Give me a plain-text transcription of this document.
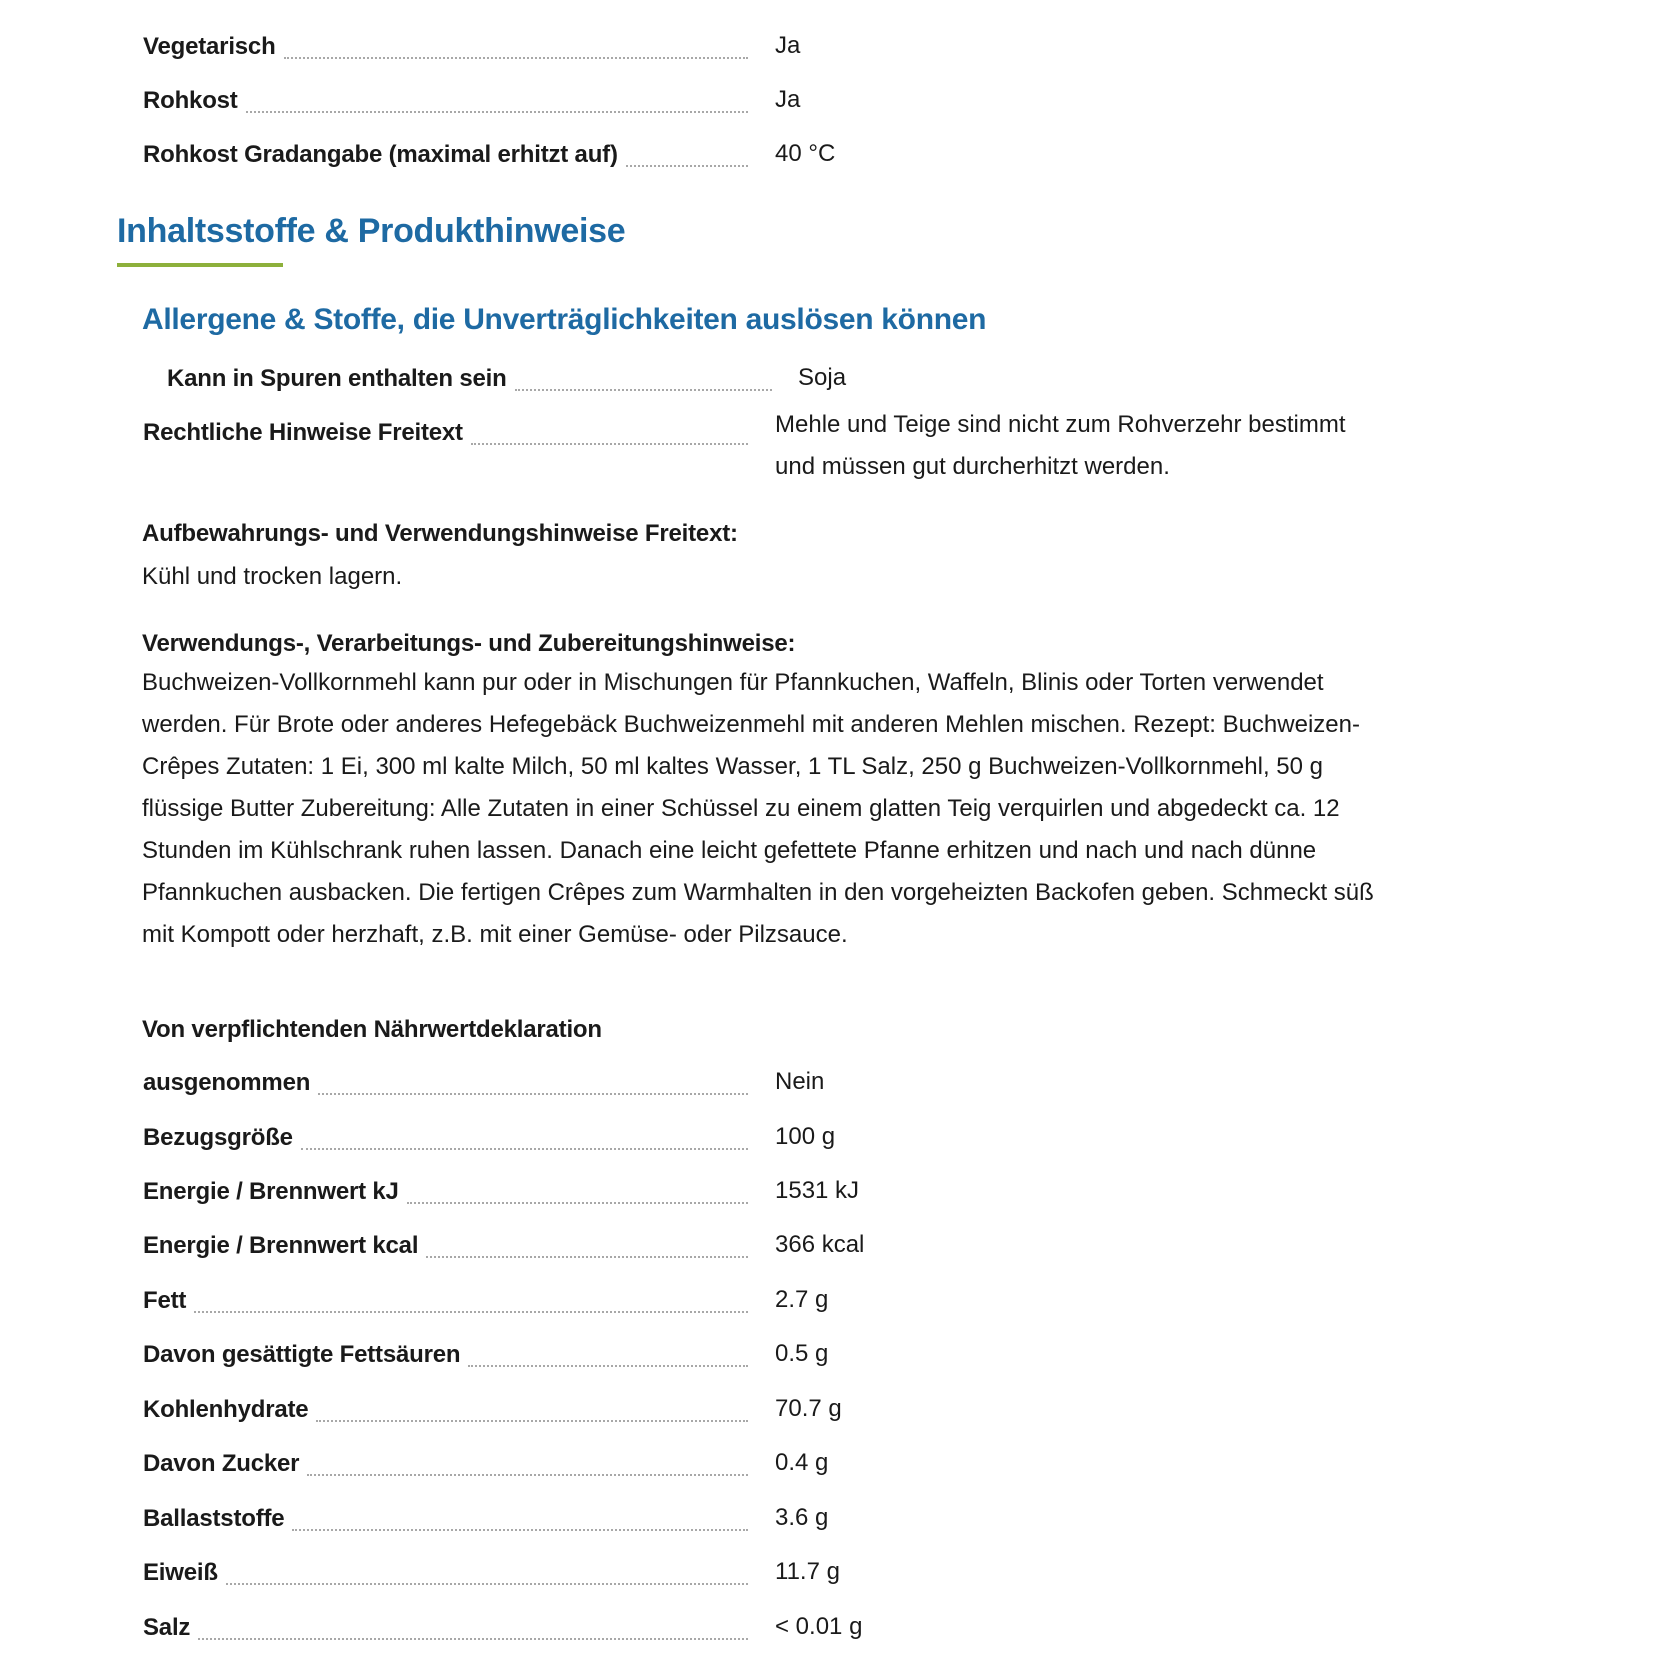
Vegetarisch	Ja
Rohkost	Ja
Rohkost Gradangabe (maximal erhitzt auf)	40 °C
Inhaltsstoffe & Produkthinweise
Allergene & Stoffe, die Unverträglichkeiten auslösen können
Kann in Spuren enthalten sein	Soja
Rechtliche Hinweise Freitext	Mehle und Teige sind nicht zum Rohverzehr bestimmt und müssen gut durcherhitzt werden.

Aufbewahrungs- und Verwendungshinweise Freitext:

Kühl und trocken lagern.

Verwendungs-, Verarbeitungs- und Zubereitungshinweise:

Buchweizen-Vollkornmehl kann pur oder in Mischungen für Pfannkuchen, Waffeln, Blinis oder Torten verwendet werden. Für Brote oder anderes Hefegebäck Buchweizenmehl mit anderen Mehlen mischen. Rezept: Buchweizen-Crêpes Zutaten: 1 Ei, 300 ml kalte Milch, 50 ml kaltes Wasser, 1 TL Salz, 250 g Buchweizen-Vollkornmehl, 50 g flüssige Butter Zubereitung: Alle Zutaten in einer Schüssel zu einem glatten Teig verquirlen und abgedeckt ca. 12 Stunden im Kühlschrank ruhen lassen. Danach eine leicht gefettete Pfanne erhitzen und nach und nach dünne Pfannkuchen ausbacken. Die fertigen Crêpes zum Warmhalten in den vorgeheizten Backofen geben. Schmeckt süß mit Kompott oder herzhaft, z.B. mit einer Gemüse- oder Pilzsauce.

Von verpflichtenden Nährwertdeklaration

ausgenommen	Nein
Bezugsgröße	100 g
Energie / Brennwert kJ	1531 kJ
Energie / Brennwert kcal	366 kcal
Fett	2.7 g
Davon gesättigte Fettsäuren	0.5 g
Kohlenhydrate	70.7 g
Davon Zucker	0.4 g
Ballaststoffe	3.6 g
Eiweiß	11.7 g
Salz	< 0.01 g
